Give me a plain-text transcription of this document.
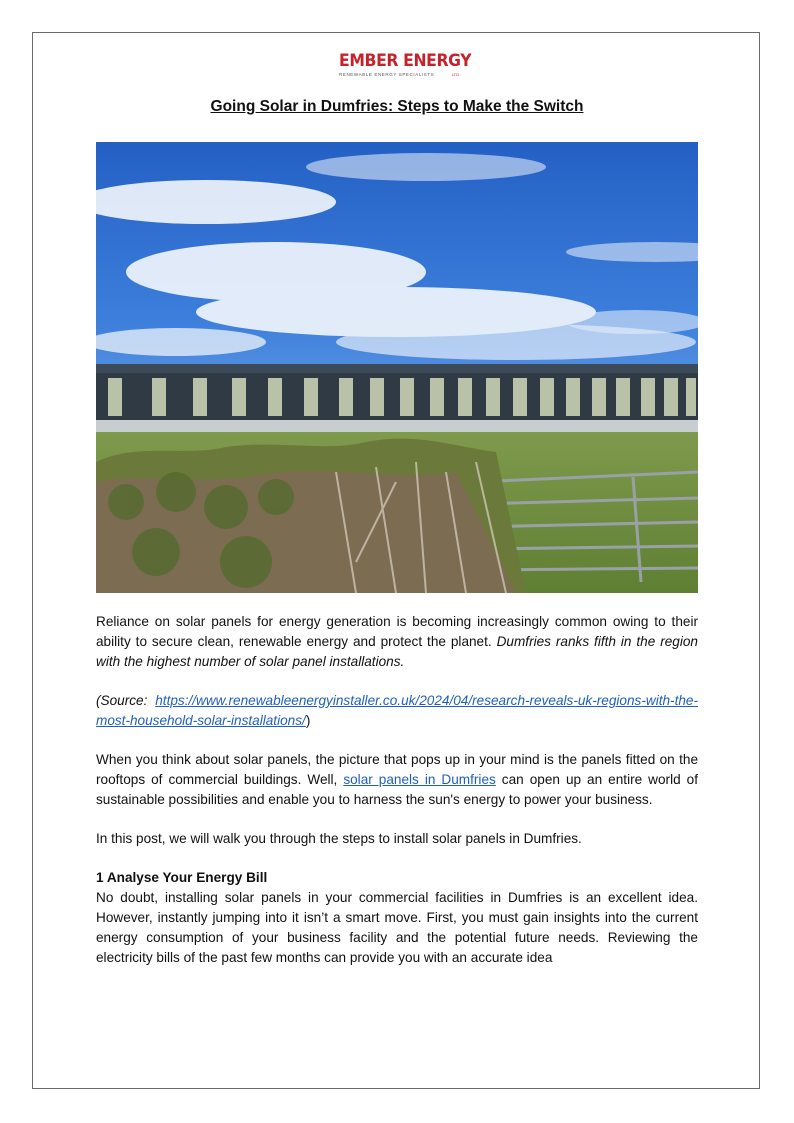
EMBER ENERGY
RENEWABLE ENERGY SPECIALISTS	LTD
Going Solar in Dumfries: Steps to Make the Switch

Reliance on solar panels for energy generation is becoming increasingly common owing to their ability to secure clean, renewable energy and protect the planet. Dumfries ranks fifth in the region with the highest number of solar panel installations.

(Source: https://www.renewableenergyinstaller.co.uk/2024/04/research-reveals-uk-regions-with-the-most-household-solar-installations/)

When you think about solar panels, the picture that pops up in your mind is the panels fitted on the rooftops of commercial buildings. Well, solar panels in Dumfries can open up an entire world of sustainable possibilities and enable you to harness the sun's energy to power your business.

In this post, we will walk you through the steps to install solar panels in Dumfries.

1 Analyse Your Energy Bill

No doubt, installing solar panels in your commercial facilities in Dumfries is an excellent idea. However, instantly jumping into it isn’t a smart move. First, you must gain insights into the current energy consumption of your business facility and the potential future needs. Reviewing the electricity bills of the past few months can provide you with an accurate idea
